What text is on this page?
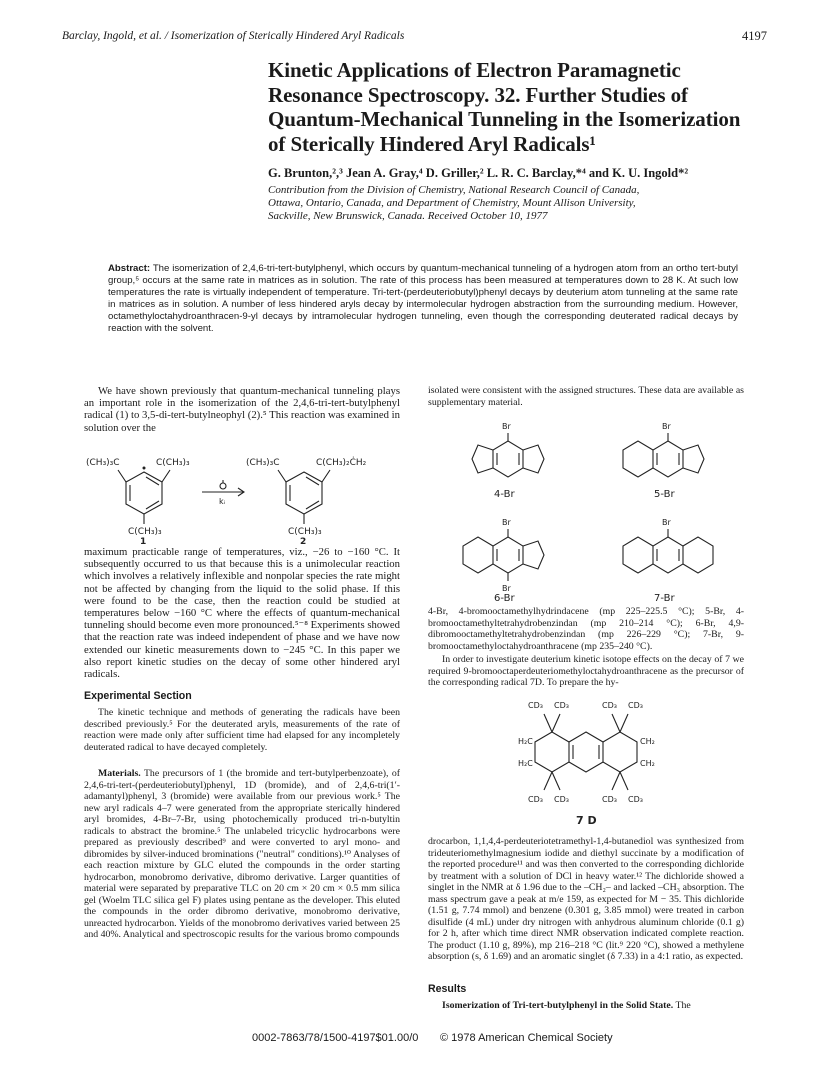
Barclay, Ingold, et al. / Isomerization of Sterically Hindered Aryl Radicals	4197
Kinetic Applications of Electron Paramagnetic
Resonance Spectroscopy. 32. Further Studies of
Quantum-Mechanical Tunneling in the Isomerization
of Sterically Hindered Aryl Radicals¹
G. Brunton,²,³ Jean A. Gray,⁴ D. Griller,² L. R. C. Barclay,*⁴ and K. U. Ingold*²
Contribution from the Division of Chemistry, National Research Council of Canada,
Ottawa, Ontario, Canada, and Department of Chemistry, Mount Allison University,
Sackville, New Brunswick, Canada. Received October 10, 1977
Abstract: The isomerization of 2,4,6-tri-tert-butylphenyl, which occurs by quantum-mechanical tunneling of a hydrogen atom from an ortho tert-butyl group,⁵ occurs at the same rate in matrices as in solution. The rate of this process has been measured at temperatures down to 28 K. At such low temperatures the rate is virtually independent of temperature. Tri-tert-(perdeuteriobutyl)phenyl decays by deuterium atom tunneling at the same rate in matrices as in solution. A number of less hindered aryls decay by intermolecular hydrogen abstraction from the surrounding medium. However, octamethyloctahydroanthracen-9-yl decays by intramolecular hydrogen tunneling, even though the corresponding deuterated radical decays by reaction with the solvent.
We have shown previously that quantum-mechanical tunneling plays an important role in the isomerization of the 2,4,6-tri-tert-butylphenyl radical (1) to 3,5-di-tert-butylneophyl (2).⁵ This reaction was examined in solution over the
(CH₃)₃C	C(CH₃)₃
C(CH₃)₃
1
kᵢ
(CH₃)₃C	C(CH₃)₂ĊH₂
C(CH₃)₃
2
maximum practicable range of temperatures, viz., −26 to −160 °C. It subsequently occurred to us that because this is a unimolecular reaction which involves a relatively inflexible and nonpolar species the rate might not be affected by changing from the liquid to the solid phase. If this were found to be the case, then the reaction could be studied at temperatures below −160 °C where the effects of quantum-mechanical tunneling should become even more pronounced.⁵⁻⁸ Experiments showed that the reaction rate was indeed independent of phase and we have now extended our kinetic measurements down to −245 °C. In this paper we also report kinetic studies on the decay of some other hindered aryl radicals.
Experimental Section
The kinetic technique and methods of generating the radicals have been described previously.⁵ For the deuterated aryls, measurements of the rate of reaction were made only after sufficient time had elapsed for any incompletely deuterated radical to have decayed completely.
Materials. The precursors of 1 (the bromide and tert-butylperbenzoate), of 2,4,6-tri-tert-(perdeuteriobutyl)phenyl, 1D (bromide), and of 2,4,6-tri(1′-adamantyl)phenyl, 3 (bromide) were available from our previous work.⁵ The new aryl radicals 4–7 were generated from the appropriate sterically hindered aryl bromides, 4-Br–7-Br, using photochemically produced tri-n-butyltin radicals to abstract the bromine.⁵ The unlabeled tricyclic hydrocarbons were prepared as previously described⁹ and were converted to aryl mono- and dibromides by silver-induced brominations ("neutral" conditions).¹⁰ Analyses of each reaction mixture by GLC eluted the compounds in the order starting hydrocarbon, monobromo derivative, dibromo derivative. Larger quantities of material were separated by preparative TLC on 20 cm × 20 cm × 0.5 mm silica gel (Woelm TLC silica gel F) plates using pentane as the developer. This eluted the compounds in the order dibromo derivative, monobromo derivative, unreacted hydrocarbon. Yields of the monobromo derivatives varied between 25 and 40%. Analytical and spectroscopic results for the various bromo compounds
isolated were consistent with the assigned structures. These data are available as supplementary material.
Br	Br
Br
Br
Br
4-Br	5-Br
6-Br	7-Br
4-Br, 4-bromooctamethylhydrindacene (mp 225–225.5 °C); 5-Br, 4-bromooctamethyltetrahydrobenzindan (mp 210–214 °C); 6-Br, 4,9-dibromooctamethyltetrahydrobenzindan (mp 226–229 °C); 7-Br, 9-bromooctamethyloctahydroanthracene (mp 235–240 °C).
In order to investigate deuterium kinetic isotope effects on the decay of 7 we required 9-bromooctaperdeuteriomethyloctahydroanthracene as the precursor of the corresponding radical 7D. To prepare the hy-
CD₃ CD₃	CD₃ CD₃
H₂C
H₂C
CH₂
CH₂
CD₃ CD₃	CD₃ CD₃
7 D
drocarbon, 1,1,4,4-perdeuteriotetramethyl-1,4-butanediol was synthesized from trideuteriomethylmagnesium iodide and diethyl succinate by a modification of the reported procedure¹¹ and was then converted to the corresponding dichloride by treatment with a solution of DCl in heavy water.¹² The dichloride showed a singlet in the NMR at δ 1.96 due to the –CH₂– and lacked –CH₃ absorption. The mass spectrum gave a peak at m/e 159, as expected for M − 35. This dichloride (1.51 g, 7.74 mmol) and benzene (0.301 g, 3.85 mmol) were treated in carbon disulfide (4 mL) under dry nitrogen with anhydrous aluminum chloride (0.1 g) for 2 h, after which time direct NMR observation indicated complete reaction. The product (1.10 g, 89%), mp 216–218 °C (lit.⁹ 220 °C), showed a methylene absorption (s, δ 1.69) and an aromatic singlet (δ 7.33) in a 4:1 ratio, as expected.
Results
Isomerization of Tri-tert-butylphenyl in the Solid State. The
0002-7863/78/1500-4197$01.00/0 © 1978 American Chemical Society
